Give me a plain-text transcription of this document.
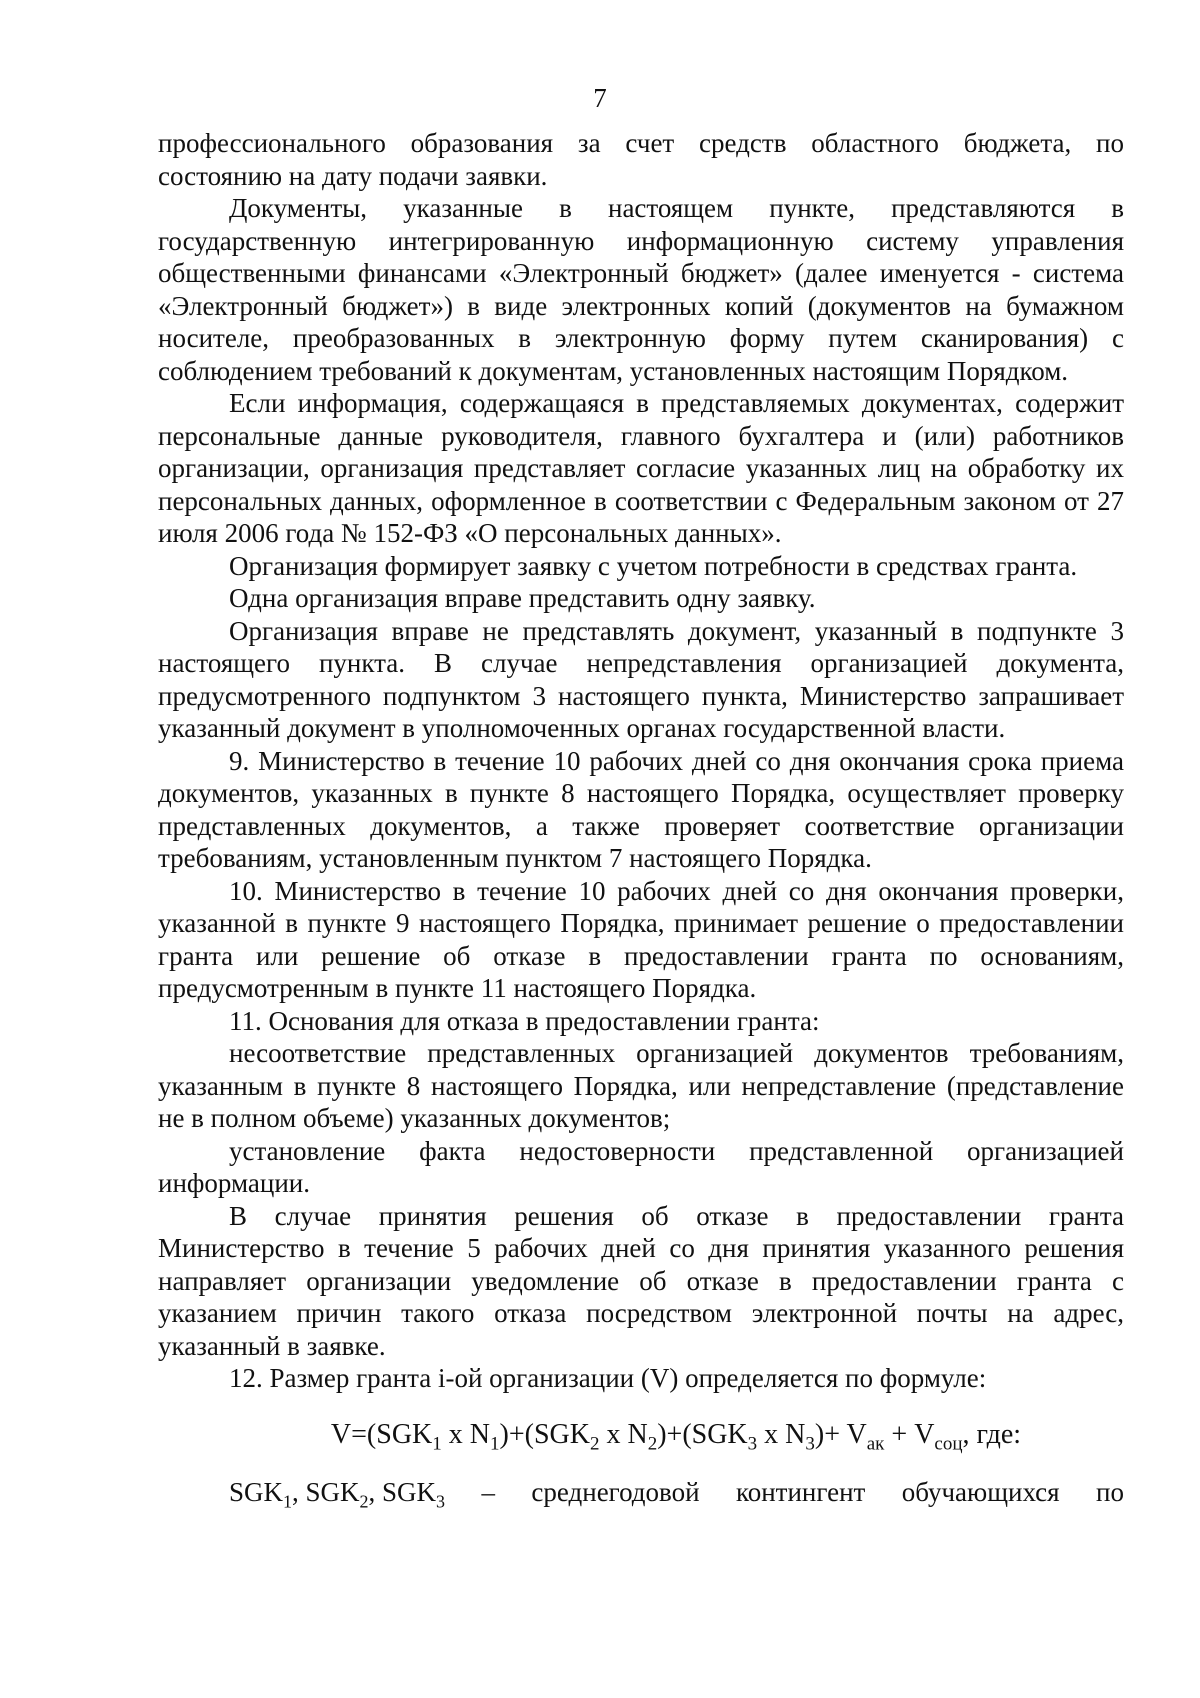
7

профессионального образования за счет средств областного бюджета, по состоянию на дату подачи заявки.

Документы, указанные в настоящем пункте, представляются в государственную интегрированную информационную систему управления общественными финансами «Электронный бюджет» (далее именуется - система «Электронный бюджет») в виде электронных копий (документов на бумажном носителе, преобразованных в электронную форму путем сканирования) с соблюдением требований к документам, установленных настоящим Порядком.

Если информация, содержащаяся в представляемых документах, содержит персональные данные руководителя, главного бухгалтера и (или) работников организации, организация представляет согласие указанных лиц на обработку их персональных данных, оформленное в соответствии с Федеральным законом от 27 июля 2006 года № 152-ФЗ «О персональных данных».

Организация формирует заявку с учетом потребности в средствах гранта.

Одна организация вправе представить одну заявку.

Организация вправе не представлять документ, указанный в подпункте 3 настоящего пункта. В случае непредставления организацией документа, предусмотренного подпунктом 3 настоящего пункта, Министерство запрашивает указанный документ в уполномоченных органах государственной власти.

9. Министерство в течение 10 рабочих дней со дня окончания срока приема документов, указанных в пункте 8 настоящего Порядка, осуществляет проверку представленных документов, а также проверяет соответствие организации требованиям, установленным пунктом 7 настоящего Порядка.

10. Министерство в течение 10 рабочих дней со дня окончания проверки, указанной в пункте 9 настоящего Порядка, принимает решение о предоставлении гранта или решение об отказе в предоставлении гранта по основаниям, предусмотренным в пункте 11 настоящего Порядка.

11. Основания для отказа в предоставлении гранта:

несоответствие представленных организацией документов требованиям, указанным в пункте 8 настоящего Порядка, или непредставление (представление не в полном объеме) указанных документов;

установление факта недостоверности представленной организацией информации.

В случае принятия решения об отказе в предоставлении гранта Министерство в течение 5 рабочих дней со дня принятия указанного решения направляет организации уведомление об отказе в предоставлении гранта с указанием причин такого отказа посредством электронной почты на адрес, указанный в заявке.

12. Размер гранта i-ой организации (V) определяется по формуле:

$V=(SGK_1$ x $N_1)+(SGK_2$ x $N_2)+(SGK_3$ x $N_3)+ V_{ак} + V_{соц}$, где:
$SGK_1$, $SGK_2$, $SGK_3$ – среднегодовой контингент обучающихся по
